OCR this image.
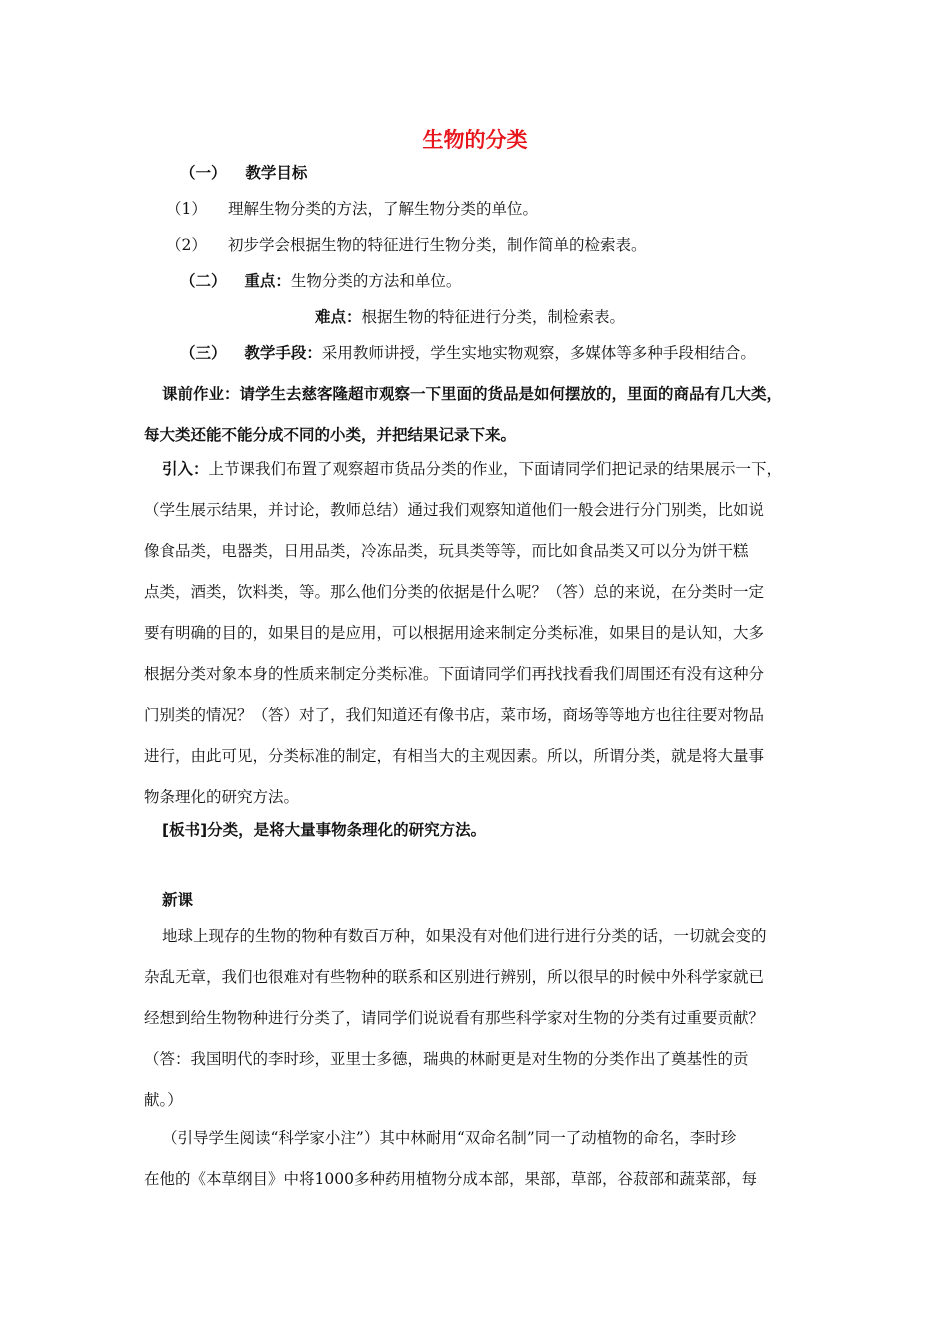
生物的分类
（一） 教学目标
（1） 理解生物分类的方法，了解生物分类的单位。
（2） 初步学会根据生物的特征进行生物分类，制作简单的检索表。
（二） 重点：生物分类的方法和单位。
难点：根据生物的特征进行分类，制检索表。
（三） 教学手段：采用教师讲授，学生实地实物观察，多媒体等多种手段相结合。
课前作业：请学生去慈客隆超市观察一下里面的货品是如何摆放的，里面的商品有几大类，
每大类还能不能分成不同的小类，并把结果记录下来。
引入：上节课我们布置了观察超市货品分类的作业，下面请同学们把记录的结果展示一下，
（学生展示结果，并讨论，教师总结）通过我们观察知道他们一般会进行分门别类，比如说
像食品类，电器类，日用品类，冷冻品类，玩具类等等，而比如食品类又可以分为饼干糕
点类，酒类，饮料类，等。那么他们分类的依据是什么呢？（答）总的来说，在分类时一定
要有明确的目的，如果目的是应用，可以根据用途来制定分类标准，如果目的是认知，大多
根据分类对象本身的性质来制定分类标准。下面请同学们再找找看我们周围还有没有这种分
门别类的情况？（答）对了，我们知道还有像书店，菜市场，商场等等地方也往往要对物品
进行，由此可见，分类标准的制定，有相当大的主观因素。所以，所谓分类，就是将大量事
物条理化的研究方法。
[板书]分类，是将大量事物条理化的研究方法。
新课
地球上现存的生物的物种有数百万种，如果没有对他们进行进行分类的话，一切就会变的
杂乱无章，我们也很难对有些物种的联系和区别进行辨别，所以很早的时候中外科学家就已
经想到给生物物种进行分类了，请同学们说说看有那些科学家对生物的分类有过重要贡献？
（答：我国明代的李时珍，亚里士多德，瑞典的林耐更是对生物的分类作出了奠基性的贡
献。）
（引导学生阅读“科学家小注”）其中林耐用“双命名制”同一了动植物的命名，李时珍
在他的《本草纲目》中将1000多种药用植物分成本部，果部，草部，谷菽部和蔬菜部，每
